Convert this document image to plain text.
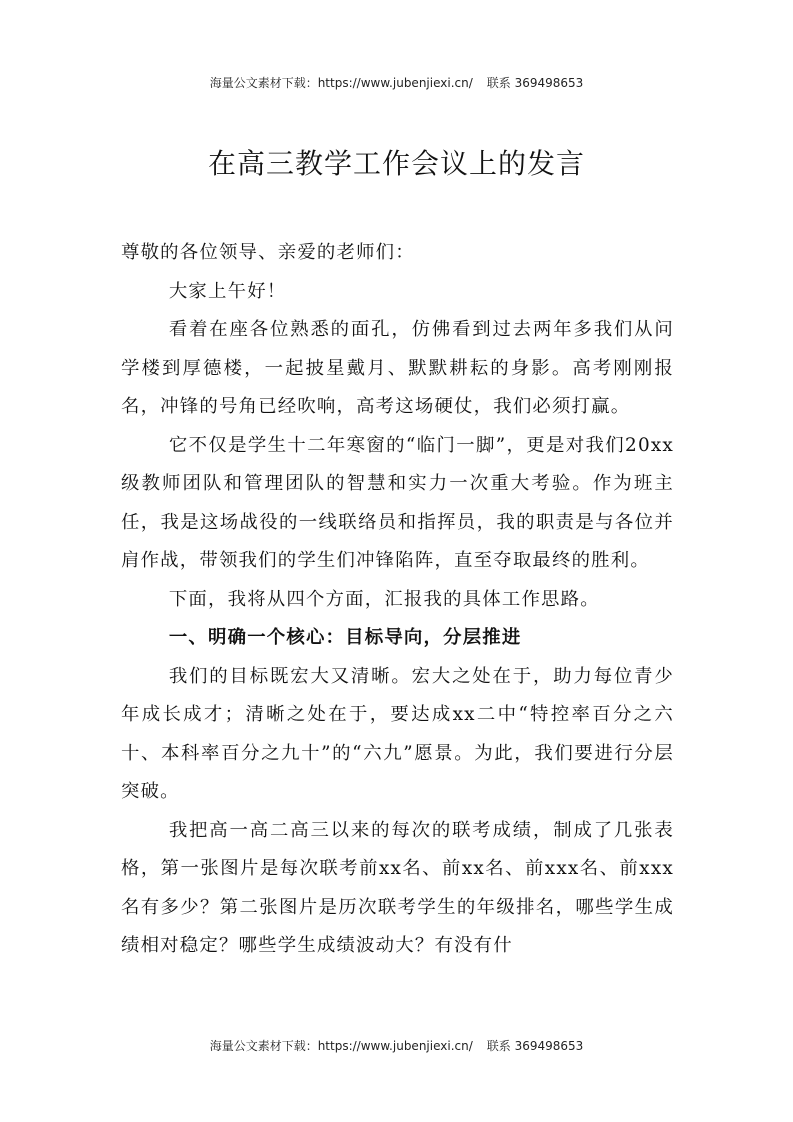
海量公文素材下载：https://www.jubenjiexi.cn/ 联系 369498653
在高三教学工作会议上的发言

尊敬的各位领导、亲爱的老师们：

大家上午好！

看着在座各位熟悉的面孔，仿佛看到过去两年多我们从问学楼到厚德楼，一起披星戴月、默默耕耘的身影。高考刚刚报名，冲锋的号角已经吹响，高考这场硬仗，我们必须打赢。

它不仅是学生十二年寒窗的“临门一脚”，更是对我们20xx级教师团队和管理团队的智慧和实力一次重大考验。作为班主任，我是这场战役的一线联络员和指挥员，我的职责是与各位并肩作战，带领我们的学生们冲锋陷阵，直至夺取最终的胜利。

下面，我将从四个方面，汇报我的具体工作思路。

一、明确一个核心：目标导向，分层推进

我们的目标既宏大又清晰。宏大之处在于，助力每位青少年成长成才；清晰之处在于，要达成xx二中“特控率百分之六十、本科率百分之九十”的“六九”愿景。为此，我们要进行分层突破。

我把高一高二高三以来的每次的联考成绩，制成了几张表格，第一张图片是每次联考前xx名、前xx名、前xxx名、前xxx名有多少？第二张图片是历次联考学生的年级排名，哪些学生成绩相对稳定？哪些学生成绩波动大？有没有什

海量公文素材下载：https://www.jubenjiexi.cn/ 联系 369498653
